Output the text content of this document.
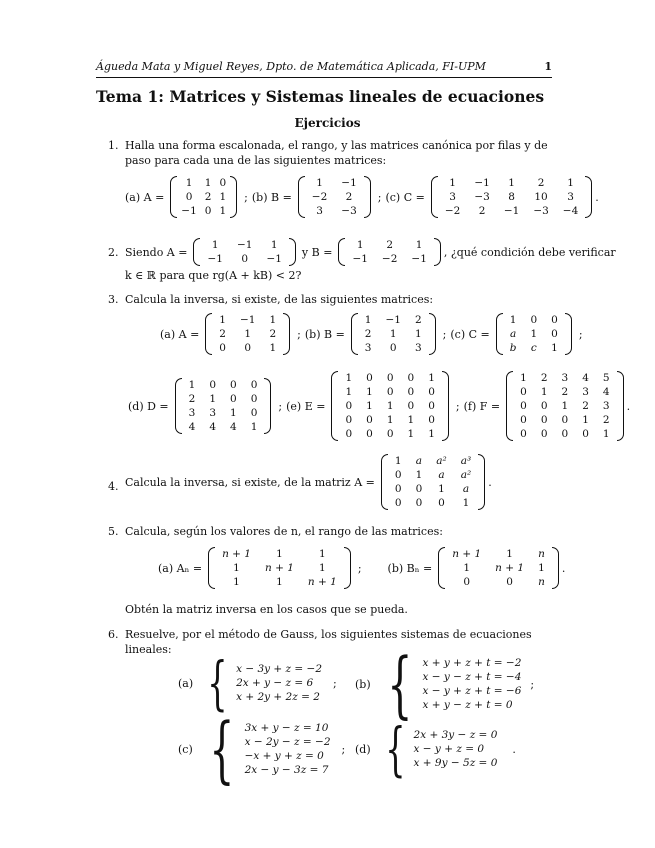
Águeda Mata y Miguel Reyes, Dpto. de Matemática Aplicada, FI-UPM	1
Tema 1: Matrices y Sistemas lineales de ecuaciones
Ejercicios
1. Halla una forma escalonada, el rango, y las matrices canónica por filas y de paso para cada una de las siguientes matrices:
(a) A =
1	1	0
0	2	1
−1	0	1
; (b) B =
1	−1
−2	2
3	−3
; (c) C =
1	−1	1	2	1
3	−3	8	10	3
−2	2	−1	−3	−4
.
2. Siendo A =
1	−1	1
−1	0	−1
y B =
1	2	1
−1	−2	−1
, ¿qué condición debe verificar
k ∈ ℝ para que rg(A + kB) < 2?
3. Calcula la inversa, si existe, de las siguientes matrices:
(a) A =
1	−1	1
2	1	2
0	0	1
; (b) B =
1	−1	2
2	1	1
3	0	3
; (c) C =
1	0	0
a	1	0
b	c	1
;
(d) D =
1	0	0	0
2	1	0	0
3	3	1	0
4	4	4	1
; (e) E =
1	0	0	0	1
1	1	0	0	0
0	1	1	0	0
0	0	1	1	0
0	0	0	1	1
; (f) F =
1	2	3	4	5
0	1	2	3	4
0	0	1	2	3
0	0	0	1	2
0	0	0	0	1
.
4. Calcula la inversa, si existe, de la matriz A =
1	a	a²	a³
0	1	a	a²
0	0	1	a
0	0	0	1
.
5. Calcula, según los valores de n, el rango de las matrices:
(a) Aₙ =
n + 1	1	1
1	n + 1	1
1	1	n + 1
; (b) Bₙ =
n + 1	1	n
1	n + 1	1
0	0	n
.
Obtén la matriz inversa en los casos que se pueda.
6. Resuelve, por el método de Gauss, los siguientes sistemas de ecuaciones lineales:
(a) { x − 3y + z = −2
2x + y − z = 6
x + 2y + 2z = 2
; (b) { x + y + z + t = −2
x − y − z + t = −4
x − y + z + t = −6
x + y − z + t = 0
;
(c) { 3x + y − z = 10
x − 2y − z = −2
−x + y + z = 0
2x − y − 3z = 7
; (d) { 2x + 3y − z = 0
x − y + z = 0
x + 9y − 5z = 0
.
